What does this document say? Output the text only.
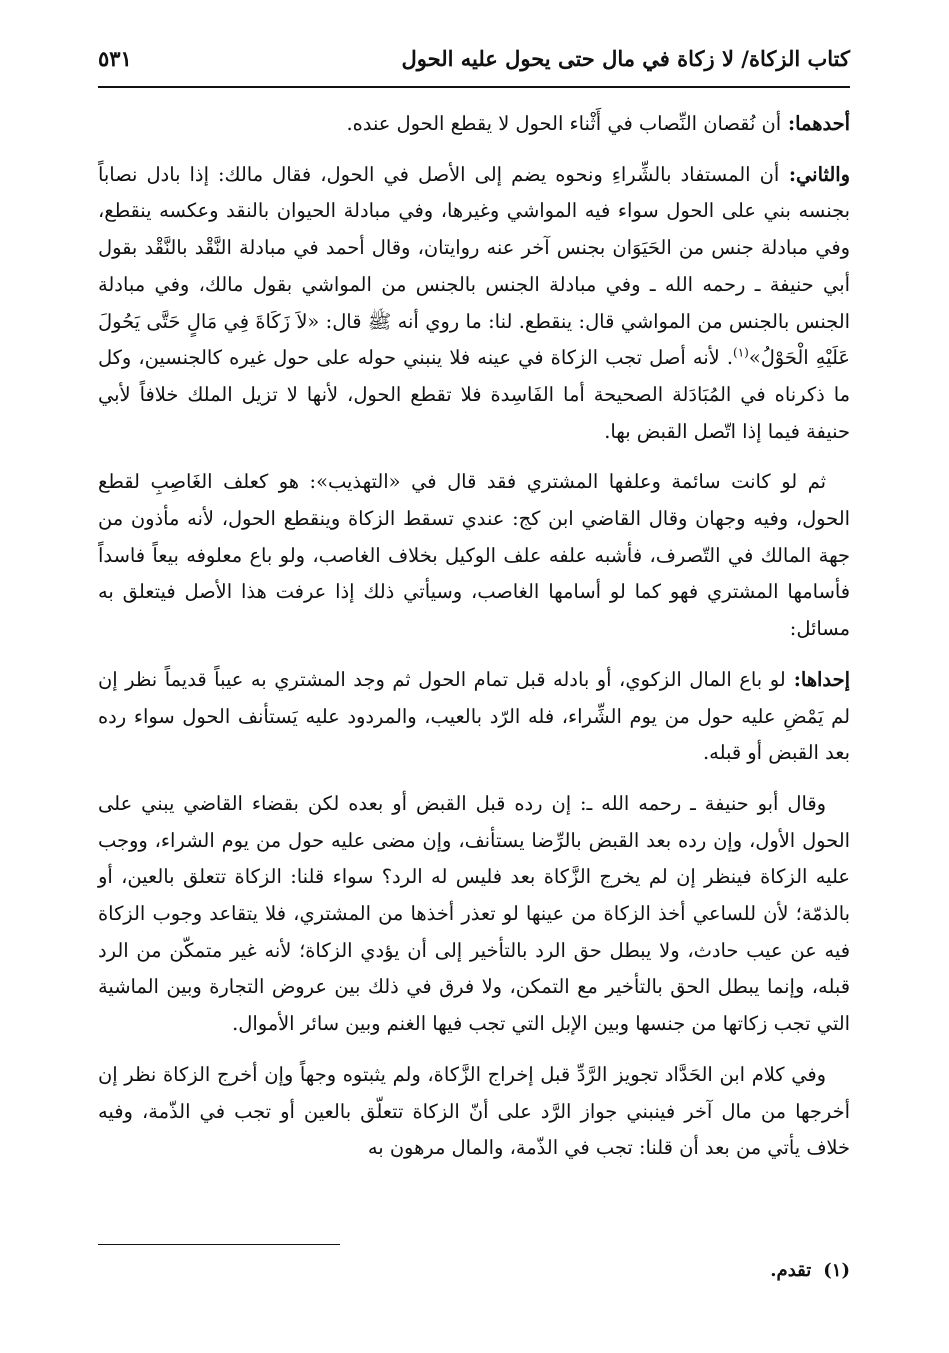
كتاب الزكاة/ لا زكاة في مال حتى يحول عليه الحول
٥٣١

أحدهما: أن نُقصان النِّصاب في أَثْناء الحول لا يقطع الحول عنده.

والثاني: أن المستفاد بالشِّراءِ ونحوه يضم إلى الأصل في الحول، فقال مالك: إذا بادل نصاباً بجنسه بني على الحول سواء فيه المواشي وغيرها، وفي مبادلة الحيوان بالنقد وعكسه ينقطع، وفي مبادلة جنس من الحَيَوَان بجنس آخر عنه روايتان، وقال أحمد في مبادلة النَّقْد بالنَّقْد بقول أبي حنيفة ـ رحمه الله ـ وفي مبادلة الجنس بالجنس من المواشي بقول مالك، وفي مبادلة الجنس بالجنس من المواشي قال: ينقطع. لنا: ما روي أنه ﷺ قال: «لاَ زَكَاةَ فِي مَالٍ حَتَّى يَحُولَ عَلَيْهِ الْحَوْلُ»$^{(١)}$. لأنه أصل تجب الزكاة في عينه فلا ينبني حوله على حول غيره كالجنسين، وكل ما ذكرناه في المُبَادَلة الصحيحة أما الفَاسِدة فلا تقطع الحول، لأنها لا تزيل الملك خلافاً لأبي حنيفة فيما إذا اتّصل القبض بها.

ثم لو كانت سائمة وعلفها المشتري فقد قال في «التهذيب»: هو كعلف الغَاصِبِ لقطع الحول، وفيه وجهان وقال القاضي ابن كج: عندي تسقط الزكاة وينقطع الحول، لأنه مأذون من جهة المالك في التّصرف، فأشبه علفه علف الوكيل بخلاف الغاصب، ولو باع معلوفه بيعاً فاسداً فأسامها المشتري فهو كما لو أسامها الغاصب، وسيأتي ذلك إذا عرفت هذا الأصل فيتعلق به مسائل:

إحداها: لو باع المال الزكوي، أو بادله قبل تمام الحول ثم وجد المشتري به عيباً قديماً نظر إن لم يَمْضِ عليه حول من يوم الشِّراء، فله الرّد بالعيب، والمردود عليه يَستأنف الحول سواء رده بعد القبض أو قبله.

وقال أبو حنيفة ـ رحمه الله ـ: إن رده قبل القبض أو بعده لكن بقضاء القاضي يبني على الحول الأول، وإن رده بعد القبض بالرِّضا يستأنف، وإن مضى عليه حول من يوم الشراء، ووجب عليه الزكاة فينظر إن لم يخرج الزَّكاة بعد فليس له الرد؟ سواء قلنا: الزكاة تتعلق بالعين، أو بالذمّة؛ لأن للساعي أخذ الزكاة من عينها لو تعذر أخذها من المشتري، فلا يتقاعد وجوب الزكاة فيه عن عيب حادث، ولا يبطل حق الرد بالتأخير إلى أن يؤدي الزكاة؛ لأنه غير متمكّن من الرد قبله، وإنما يبطل الحق بالتأخير مع التمكن، ولا فرق في ذلك بين عروض التجارة وبين الماشية التي تجب زكاتها من جنسها وبين الإبل التي تجب فيها الغنم وبين سائر الأموال.

وفي كلام ابن الحَدَّاد تجويز الرَّدِّ قبل إخراج الزَّكاة، ولم يثبتوه وجهاً وإن أخرج الزكاة نظر إن أخرجها من مال آخر فينبني جواز الرَّد على أنّ الزكاة تتعلّق بالعين أو تجب في الذّمة، وفيه خلاف يأتي من بعد أن قلنا: تجب في الذّمة، والمال مرهون به

(١)تقدم.
